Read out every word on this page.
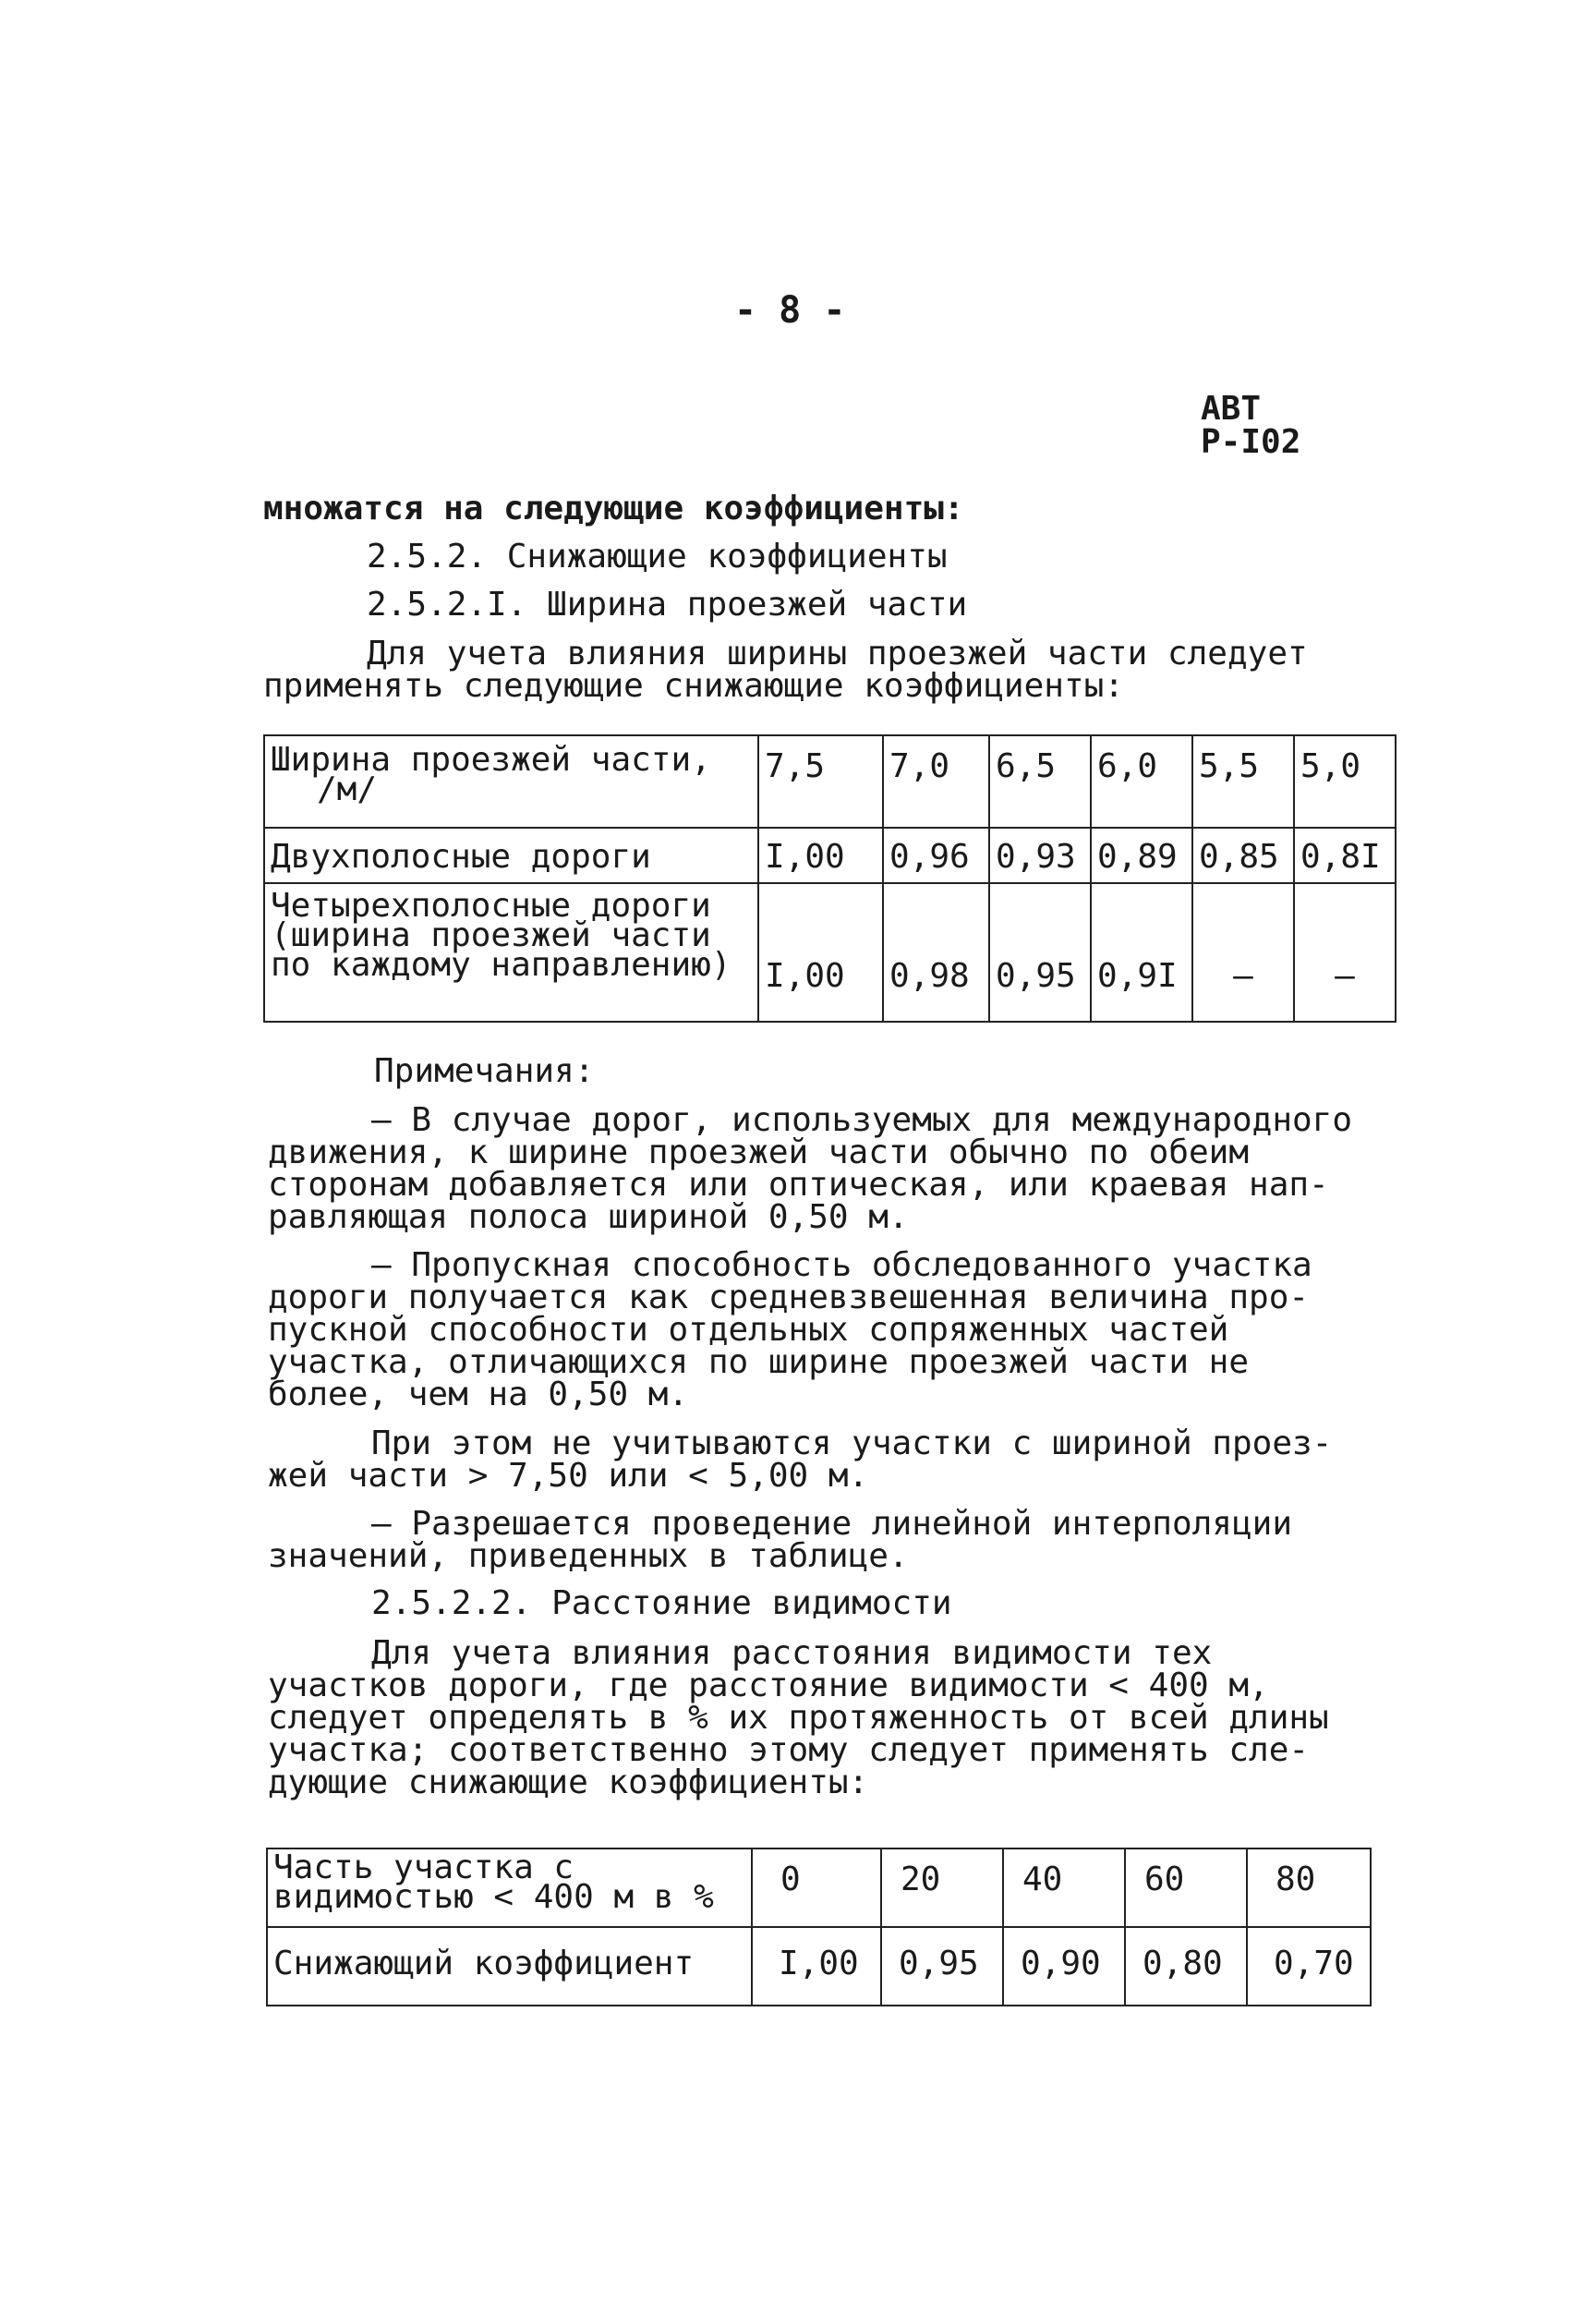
- 8 -
АВТ
Р-I02
множатся на следующие коэффициенты:
2.5.2. Снижающие коэффициенты
2.5.2.I. Ширина проезжей части
Для учета влияния ширины проезжей части следует
применять следующие снижающие коэффициенты:
Ширина проезжей части,
/м/	7,5	7,0	6,5	6,0	5,5	5,0
Двухполосные дороги	I,00	0,96	0,93	0,89	0,85	0,8I

Четырехполосные дороги
(ширина проезжей части
по каждому направлению)	I,00	0,98	0,95	0,9I	–	–
Примечания:
– В случае дорог, используемых для международного
движения, к ширине проезжей части обычно по обеим
сторонам добавляется или оптическая, или краевая нап-
равляющая полоса шириной 0,50 м.
– Пропускная способность обследованного участка
дороги получается как средневзвешенная величина про-
пускной способности отдельных сопряженных частей
участка, отличающихся по ширине проезжей части не
более, чем на 0,50 м.
При этом не учитываются участки с шириной проез-
жей части > 7,50 или < 5,00 м.
– Разрешается проведение линейной интерполяции
значений, приведенных в таблице.
2.5.2.2. Расстояние видимости
Для учета влияния расстояния видимости тех
участков дороги, где расстояние видимости < 400 м,
следует определять в % их протяженность от всей длины
участка; соответственно этому следует применять сле-
дующие снижающие коэффициенты:
Часть участка с
видимостью < 400 м в %	0	20	40	60	80
Снижающий коэффициент	I,00	0,95	0,90	0,80	0,70
